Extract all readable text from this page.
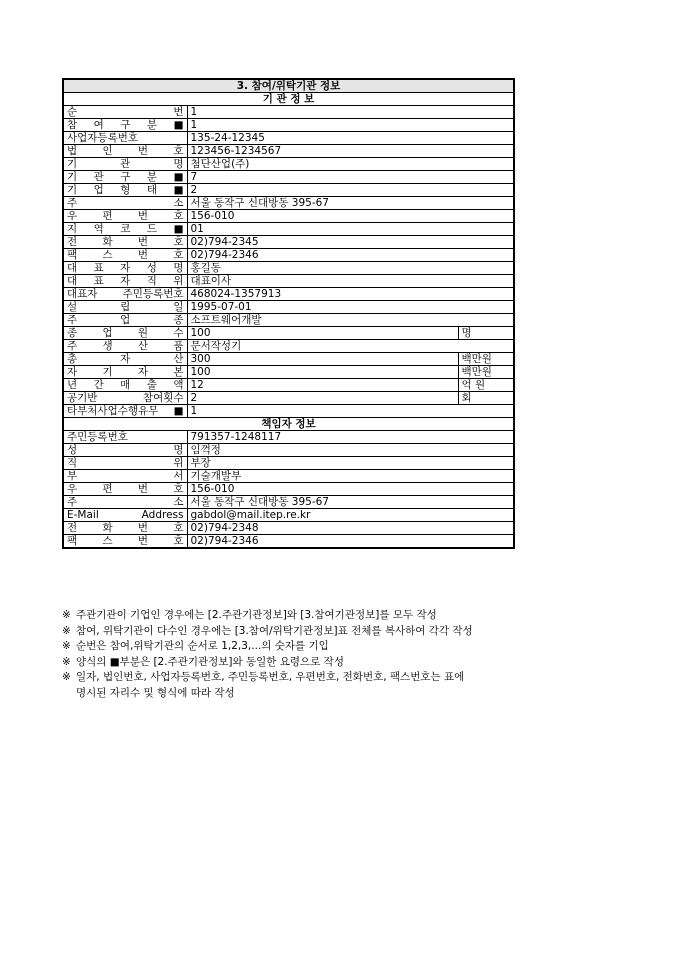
3. 참여/위탁기관 정보		
기 관 정 보		
순 번	1	
참 여 구 분 ■	1	
사업자등록번호	135-24-12345	
법 인 번 호	123456-1234567	
기 관 명	첨단산업(주)	
기 관 구 분 ■	7	
기 업 형 태 ■	2	
주 소	서울 동작구 신대방동 395-67	
우 편 번 호	156-010	
지 역 코 드 ■	01	
전 화 번 호	02)794-2345	
팩 스 번 호	02)794-2346	
대 표 자 성 명	홍길동	
대 표 자 직 위	대표이사	
대표자 주민등록번호	468024-1357913	
설 립 일	1995-07-01	
주 업 종	소프트웨어개발	
종 업 원 수	100	명
주 생 산 품	문서작성기	
총 자 산	300	백만원
자 기 자 본	100	백만원
년 간 매 출 액	12	억 원
공기반 참여횟수	2	회
타부처사업수행유무■	1	
책임자 정보		
주민등록번호	791357-1248117	
성 명	임꺽정	
직 위	부장	
부 서	기술개발부	
우 편 번 호	156-010	
주 소	서울 동작구 신대방동 395-67	
E-Mail Address	gabdol@mail.itep.re.kr	
전 화 번 호	02)794-2348	
팩 스 번 호	02)794-2346	
※ 주관기관이 기업인 경우에는 [2.주관기관정보]와 [3.참여기관정보]를 모두 작성
※ 참여, 위탁기관이 다수인 경우에는 [3.참여/위탁기관정보]표 전체를 복사하여 각각 작성
※ 순번은 참여,위탁기관의 순서로 1,2,3,...의 숫자를 기입
※ 양식의 ■부분은 [2.주관기관정보]와 동일한 요령으로 작성
※ 일자, 법인번호, 사업자등록번호, 주민등록번호, 우편번호, 전화번호, 팩스번호는 표에
명시된 자리수 및 형식에 따라 작성
